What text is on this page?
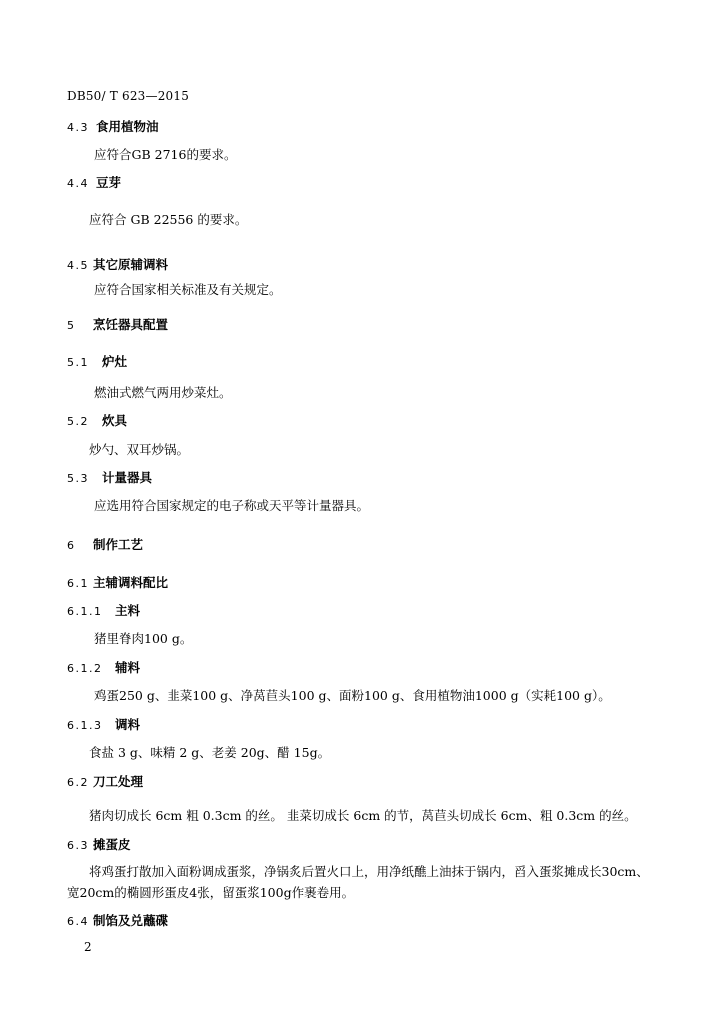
DB50/ T 623—2015
4.3 食用植物油
应符合GB 2716的要求。
4.4 豆芽
应符合 GB 22556 的要求。
4.5 其它原辅调料
应符合国家相关标准及有关规定。
5 烹饪器具配置
5.1 炉灶
燃油式燃气两用炒菜灶。
5.2 炊具
炒勺、双耳炒锅。
5.3 计量器具
应选用符合国家规定的电子称或天平等计量器具。
6 制作工艺
6.1 主辅调料配比
6.1.1 主料
猪里脊肉100 g。
6.1.2 辅料
鸡蛋250 g、韭菜100 g、净莴苣头100 g、面粉100 g、食用植物油1000 g（实耗100 g）。
6.1.3 调料
食盐 3 g、味精 2 g、老姜 20g、醋 15g。
6.2 刀工处理
猪肉切成长 6cm 粗 0.3cm 的丝。 韭菜切成长 6cm 的节，莴苣头切成长 6cm、粗 0.3cm 的丝。
6.3 摊蛋皮
将鸡蛋打散加入面粉调成蛋浆，净锅炙后置火口上，用净纸醮上油抹于锅内，舀入蛋浆摊成长30cm、
宽20cm的椭圆形蛋皮4张，留蛋浆100g作裹卷用。
6.4 制馅及兑蘸碟
2
